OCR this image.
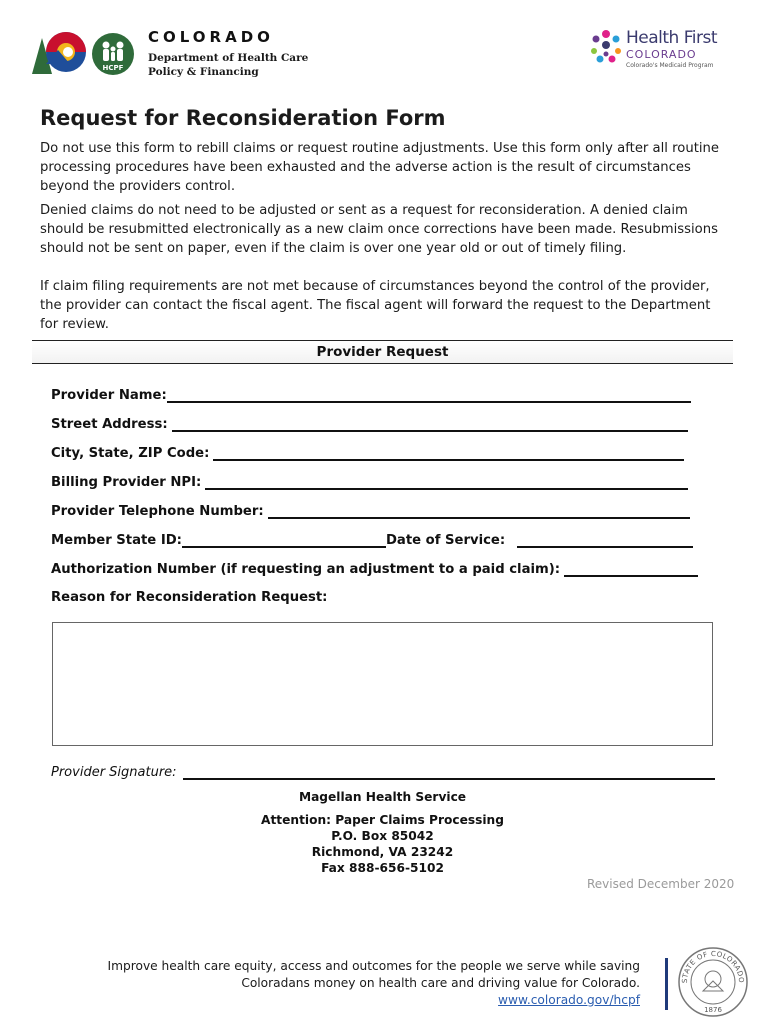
HCPF
COLORADO
Department of Health Care
Policy & Financing
Health First
COLORADO
Colorado's Medicaid Program
Request for Reconsideration Form
Do not use this form to rebill claims or request routine adjustments. Use this form only after all routine processing procedures have been exhausted and the adverse action is the result of circumstances beyond the providers control.
Denied claims do not need to be adjusted or sent as a request for reconsideration. A denied claim should be resubmitted electronically as a new claim once corrections have been made. Resubmissions should not be sent on paper, even if the claim is over one year old or out of timely filing.
If claim filing requirements are not met because of circumstances beyond the control of the provider, the provider can contact the fiscal agent. The fiscal agent will forward the request to the Department for review.
Provider Request
Provider Name:
Street Address:
City, State, ZIP Code:
Billing Provider NPI:
Provider Telephone Number:
Member State ID:	Date of Service:
Authorization Number (if requesting an adjustment to a paid claim):
Reason for Reconsideration Request:
Provider Signature:
Magellan Health Service
Attention: Paper Claims Processing
P.O. Box 85042
Richmond, VA 23242
Fax 888-656-5102
Revised December 2020
Improve health care equity, access and outcomes for the people we serve while saving
Coloradans money on health care and driving value for Colorado.
www.colorado.gov/hcpf
STATE OF COLORADO
1876
